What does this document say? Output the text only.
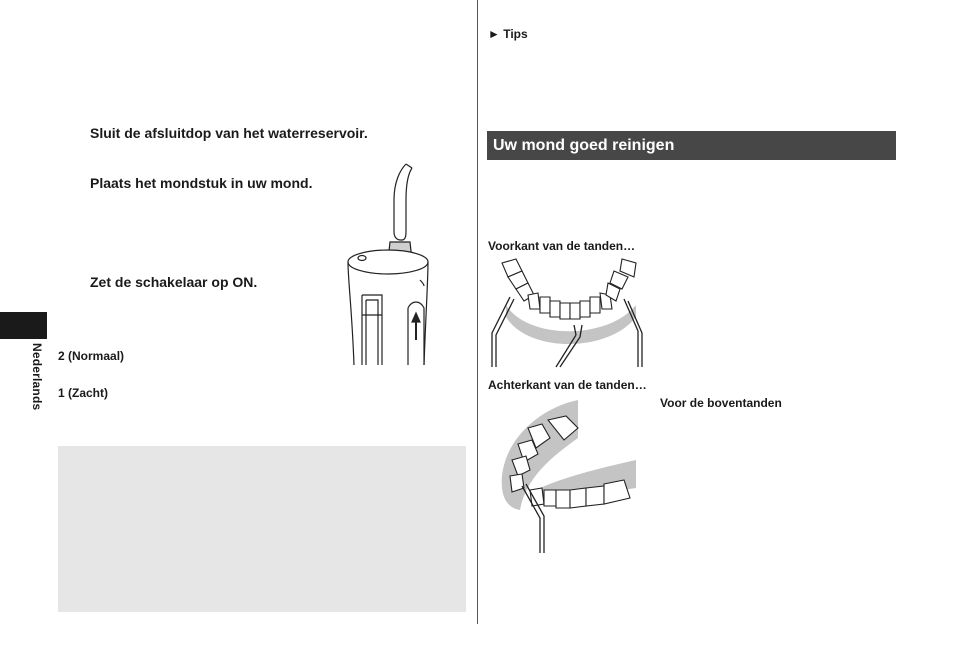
Sluit de afsluitdop van het waterreservoir.
Plaats het mondstuk in uw mond.
Zet de schakelaar op ON.
2 (Normaal)
1 (Zacht)
Nederlands
► Tips
Uw mond goed reinigen
Voorkant van de tanden…
Achterkant van de tanden…
Voor de boventanden
